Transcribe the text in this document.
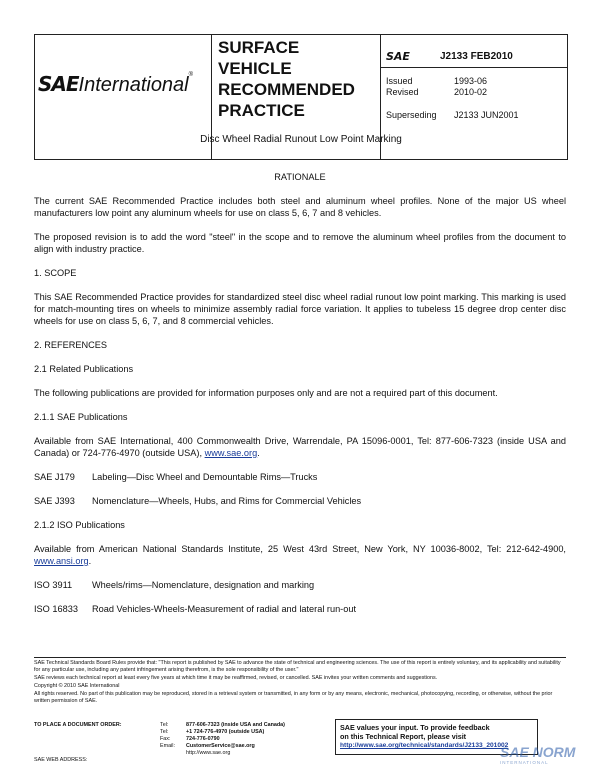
SAEInternational®
SURFACE
VEHICLE
RECOMMENDED
PRACTICE
SAE	J2133 FEB2010
Issued	1993-06
Revised	2010-02
Superseding J2133 JUN2001
Disc Wheel Radial Runout Low Point Marking

RATIONALE

The current SAE Recommended Practice includes both steel and aluminum wheel profiles. None of the major US wheel manufacturers low point any aluminum wheels for use on class 5, 6, 7 and 8 vehicles.

The proposed revision is to add the word "steel" in the scope and to remove the aluminum wheel profiles from the document to align with industry practice.

1. SCOPE

This SAE Recommended Practice provides for standardized steel disc wheel radial runout low point marking. This marking is used for match-mounting tires on wheels to minimize assembly radial force variation. It applies to tubeless 15 degree drop center disc wheels for use on class 5, 6, 7, and 8 commercial vehicles.

2. REFERENCES

2.1 Related Publications

The following publications are provided for information purposes only and are not a required part of this document.

2.1.1 SAE Publications

Available from SAE International, 400 Commonwealth Drive, Warrendale, PA 15096-0001, Tel: 877-606-7323 (inside USA and Canada) or 724-776-4970 (outside USA), www.sae.org.

SAE J179	Labeling—Disc Wheel and Demountable Rims—Trucks
SAE J393	Nomenclature—Wheels, Hubs, and Rims for Commercial Vehicles

2.1.2 ISO Publications

Available from American National Standards Institute, 25 West 43rd Street, New York, NY 10036-8002, Tel: 212-642-4900, www.ansi.org.

ISO 3911	Wheels/rims—Nomenclature, designation and marking
ISO 16833	Road Vehicles-Wheels-Measurement of radial and lateral run-out

SAE Technical Standards Board Rules provide that: "This report is published by SAE to advance the state of technical and engineering sciences. The use of this report is entirely voluntary, and its applicability and suitability for any particular use, including any patent infringement arising therefrom, is the sole responsibility of the user."

SAE reviews each technical report at least every five years at which time it may be reaffirmed, revised, or cancelled. SAE invites your written comments and suggestions.

Copyright © 2010 SAE International

All rights reserved. No part of this publication may be reproduced, stored in a retrieval system or transmitted, in any form or by any means, electronic, mechanical, photocopying, recording, or otherwise, without the prior written permission of SAE.

TO PLACE A DOCUMENT ORDER:	Tel:	877-606-7323 (inside USA and Canada)
Tel:	+1 724-776-4970 (outside USA)
Fax:	724-776-0790
Email:	CustomerService@sae.org
http://www.sae.org
SAE WEB ADDRESS:
SAE values your input. To provide feedback
on this Technical Report, please visit
http://www.sae.org/technical/standards/J2133_201002
SAE NORM
INTERNATIONAL
